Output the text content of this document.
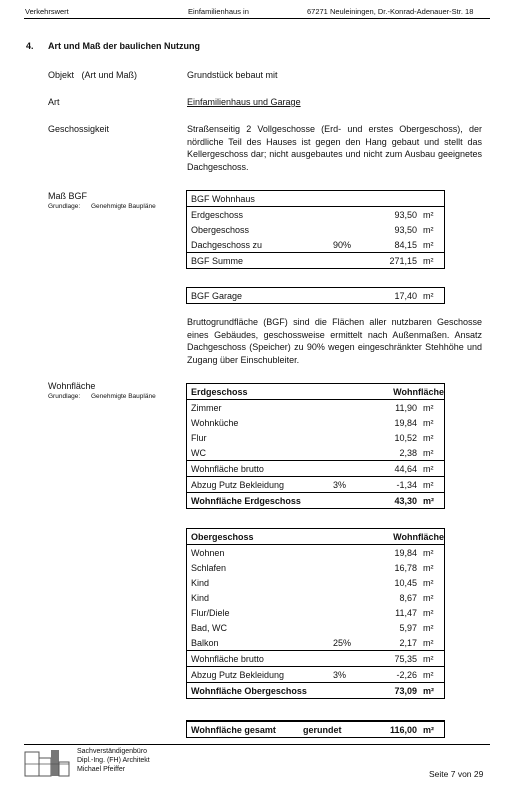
Verkehrswert	Einfamilienhaus in	67271 Neuleiningen, Dr.-Konrad-Adenauer-Str. 18
4. Art und Maß der baulichen Nutzung
Objekt   (Art und Maß)	Grundstück bebaut mit
Art	Einfamilienhaus und Garage
Geschossigkeit	Straßenseitig 2 Vollgeschosse (Erd- und erstes Obergeschoss), der nördliche Teil des Hauses ist gegen den Hang gebaut und stellt das Kellergeschoss dar; nicht ausgebautes und nicht zum Ausbau geeignetes Dachgeschoss.
Maß BGF
Grundlage:      Genehmigte Baupläne
BGF Wohnhaus			
Erdgeschoss		93,50	m²
Obergeschoss		93,50	m²
Dachgeschoss zu	90%	84,15	m²
BGF Summe		271,15	m²
BGF Garage	17,40	m²
Bruttogrundfläche (BGF) sind die Flächen aller nutzbaren Geschosse eines Gebäudes, geschossweise ermittelt nach Außenmaßen. Ansatz Dachgeschoss (Speicher) zu 90% wegen eingeschränkter Stehhöhe und Zugang über Einschubleiter.
Wohnfläche
Grundlage:      Genehmigte Baupläne	Erdgeschoss		Wohnfläche	
Zimmer		11,90	m²
Wohnküche		19,84	m²
Flur		10,52	m²
WC		2,38	m²
Wohnfläche brutto		44,64	m²
Abzug Putz Bekleidung	3%	-1,34	m²
Wohnfläche Erdgeschoss		43,30	m²
Obergeschoss		Wohnfläche	
Wohnen		19,84	m²
Schlafen		16,78	m²
Kind		10,45	m²
Kind		8,67	m²
Flur/Diele		11,47	m²
Bad, WC		5,97	m²
Balkon	25%	2,17	m²
Wohnfläche brutto		75,35	m²
Abzug Putz Bekleidung	3%	-2,26	m²
Wohnfläche Obergeschoss		73,09	m²
Wohnfläche gesamt	gerundet	116,00	m²
Sachverständigenbüro
Dipl.-Ing. (FH) Architekt
Michael Pfeiffer	Seite 7 von 29
